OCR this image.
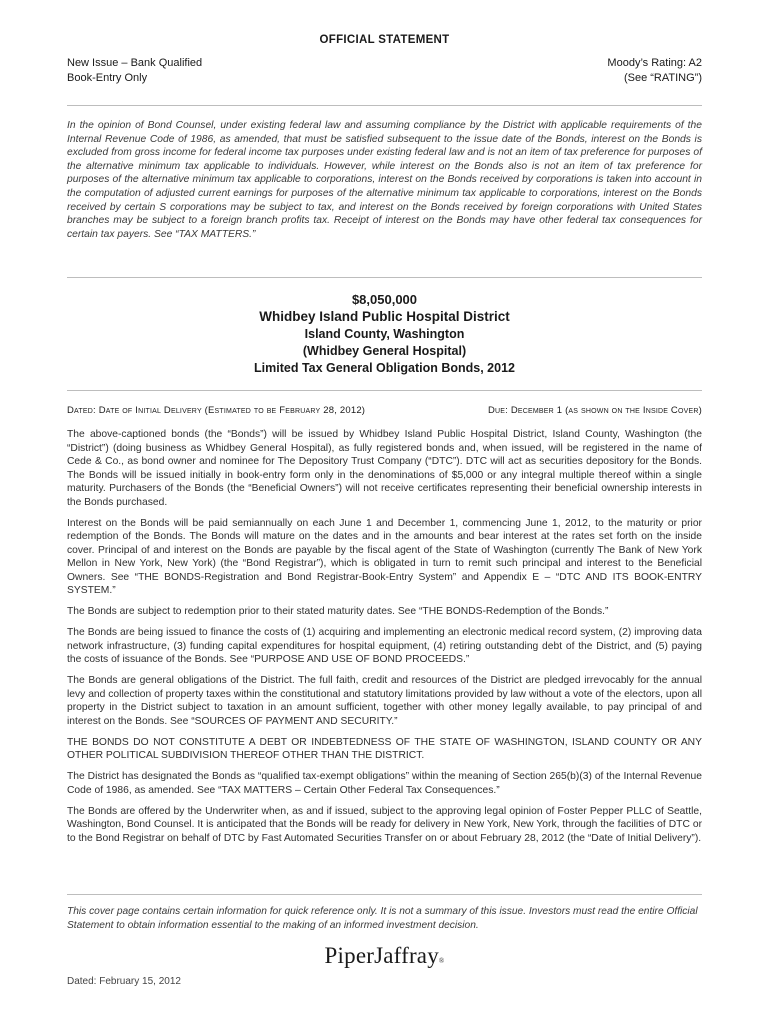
OFFICIAL STATEMENT
New Issue – Bank Qualified
Book-Entry Only
Moody’s Rating: A2
(See “RATING”)
In the opinion of Bond Counsel, under existing federal law and assuming compliance by the District with applicable requirements of the Internal Revenue Code of 1986, as amended, that must be satisfied subsequent to the issue date of the Bonds, interest on the Bonds is excluded from gross income for federal income tax purposes under existing federal law and is not an item of tax preference for purposes of the alternative minimum tax applicable to individuals. However, while interest on the Bonds also is not an item of tax preference for purposes of the alternative minimum tax applicable to corporations, interest on the Bonds received by corporations is taken into account in the computation of adjusted current earnings for purposes of the alternative minimum tax applicable to corporations, interest on the Bonds received by certain S corporations may be subject to tax, and interest on the Bonds received by foreign corporations with United States branches may be subject to a foreign branch profits tax. Receipt of interest on the Bonds may have other federal tax consequences for certain tax payers. See “TAX MATTERS.”
$8,050,000
Whidbey Island Public Hospital District
Island County, Washington
(Whidbey General Hospital)
Limited Tax General Obligation Bonds, 2012
Dated: Date of Initial Delivery (Estimated to be February 28, 2012)	Due: December 1 (as shown on the Inside Cover)

The above-captioned bonds (the “Bonds”) will be issued by Whidbey Island Public Hospital District, Island County, Washington (the “District”) (doing business as Whidbey General Hospital), as fully registered bonds and, when issued, will be registered in the name of Cede & Co., as bond owner and nominee for The Depository Trust Company (“DTC”). DTC will act as securities depository for the Bonds. The Bonds will be issued initially in book-entry form only in the denominations of $5,000 or any integral multiple thereof within a single maturity. Purchasers of the Bonds (the “Beneficial Owners”) will not receive certificates representing their beneficial ownership interests in the Bonds purchased.

Interest on the Bonds will be paid semiannually on each June 1 and December 1, commencing June 1, 2012, to the maturity or prior redemption of the Bonds. The Bonds will mature on the dates and in the amounts and bear interest at the rates set forth on the inside cover. Principal of and interest on the Bonds are payable by the fiscal agent of the State of Washington (currently The Bank of New York Mellon in New York, New York) (the “Bond Registrar”), which is obligated in turn to remit such principal and interest to the Beneficial Owners. See “THE BONDS-Registration and Bond Registrar-Book-Entry System” and Appendix E – “DTC AND ITS BOOK-ENTRY SYSTEM.”

The Bonds are subject to redemption prior to their stated maturity dates. See “THE BONDS-Redemption of the Bonds.”

The Bonds are being issued to finance the costs of (1) acquiring and implementing an electronic medical record system, (2) improving data network infrastructure, (3) funding capital expenditures for hospital equipment, (4) retiring outstanding debt of the District, and (5) paying the costs of issuance of the Bonds. See “PURPOSE AND USE OF BOND PROCEEDS.”

The Bonds are general obligations of the District. The full faith, credit and resources of the District are pledged irrevocably for the annual levy and collection of property taxes within the constitutional and statutory limitations provided by law without a vote of the electors, upon all property in the District subject to taxation in an amount sufficient, together with other money legally available, to pay principal of and interest on the Bonds. See “SOURCES OF PAYMENT AND SECURITY.”

THE BONDS DO NOT CONSTITUTE A DEBT OR INDEBTEDNESS OF THE STATE OF WASHINGTON, ISLAND COUNTY OR ANY OTHER POLITICAL SUBDIVISION THEREOF OTHER THAN THE DISTRICT.

The District has designated the Bonds as “qualified tax-exempt obligations” within the meaning of Section 265(b)(3) of the Internal Revenue Code of 1986, as amended. See “TAX MATTERS – Certain Other Federal Tax Consequences.”

The Bonds are offered by the Underwriter when, as and if issued, subject to the approving legal opinion of Foster Pepper PLLC of Seattle, Washington, Bond Counsel. It is anticipated that the Bonds will be ready for delivery in New York, New York, through the facilities of DTC or to the Bond Registrar on behalf of DTC by Fast Automated Securities Transfer on or about February 28, 2012 (the “Date of Initial Delivery”).

This cover page contains certain information for quick reference only. It is not a summary of this issue. Investors must read the entire Official Statement to obtain information essential to the making of an informed investment decision.
PiperJaffray®
Dated: February 15, 2012
